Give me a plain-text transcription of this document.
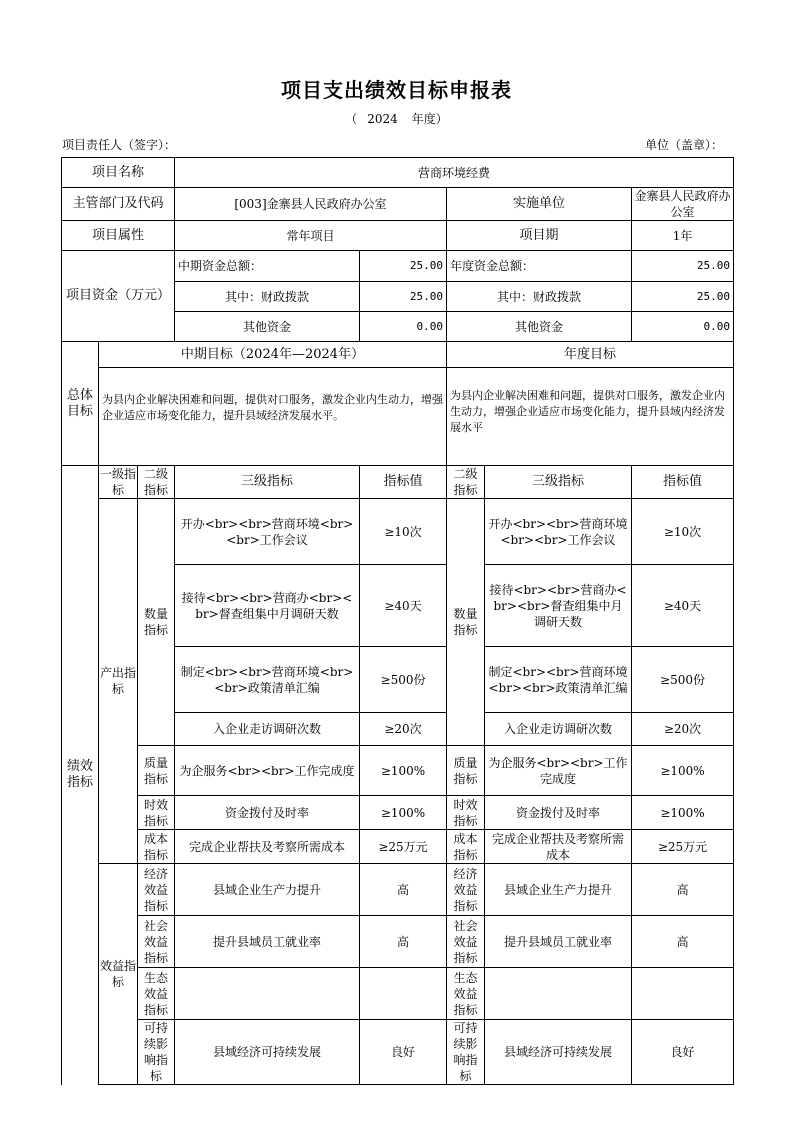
项目支出绩效目标申报表
（ 2024 年度）
项目责任人（签字）：	单位（盖章）：
项目名称			营商环境经费				
主管部门及代码			[003]金寨县人民政府办公室		实施单位		金寨县人民政府办公室
项目属性			常年项目		项目期		1年
项目资金（万元）			中期资金总额：	25.00	年度资金总额：		25.00
			其中：财政拨款	25.00	其中：财政拨款		25.00
			其他资金	0.00	其他资金		0.00
总体目标	中期目标（2024年—2024年）				年度目标		
	为县内企业解决困难和问题，提供对口服务，激发企业内生动力，增强企业适应市场变化能力，提升县域经济发展水平。				为县内企业解决困难和问题，提供对口服务，激发企业内生动力，增强企业适应市场变化能力，提升县域内经济发展水平		
绩效指标	一级指标	二级指标	三级指标	指标值	二级指标	三级指标	指标值
	产出指标	数量指标	开办<br><br>营商环境<br><br>工作会议	≥10次	数量指标	开办<br><br>营商环境<br><br>工作会议	≥10次
			接待<br><br>营商办<br><br>督查组集中月调研天数	≥40天		接待<br><br>营商办<br><br>督查组集中月调研天数	≥40天
			制定<br><br>营商环境<br><br>政策清单汇编	≥500份		制定<br><br>营商环境<br><br>政策清单汇编	≥500份
			入企业走访调研次数	≥20次		入企业走访调研次数	≥20次
		质量指标	为企服务<br><br>工作完成度	≥100%	质量指标	为企服务<br><br>工作完成度	≥100%
		时效指标	资金拨付及时率	≥100%	时效指标	资金拨付及时率	≥100%
		成本指标	完成企业帮扶及考察所需成本	≥25万元	成本指标	完成企业帮扶及考察所需成本	≥25万元
	效益指标	经济效益指标	县域企业生产力提升	高	经济效益指标	县域企业生产力提升	高
		社会效益指标	提升县域员工就业率	高	社会效益指标	提升县域员工就业率	高
		生态效益指标			生态效益指标		
		可持续影响指标	县域经济可持续发展	良好	可持续影响指标	县域经济可持续发展	良好
